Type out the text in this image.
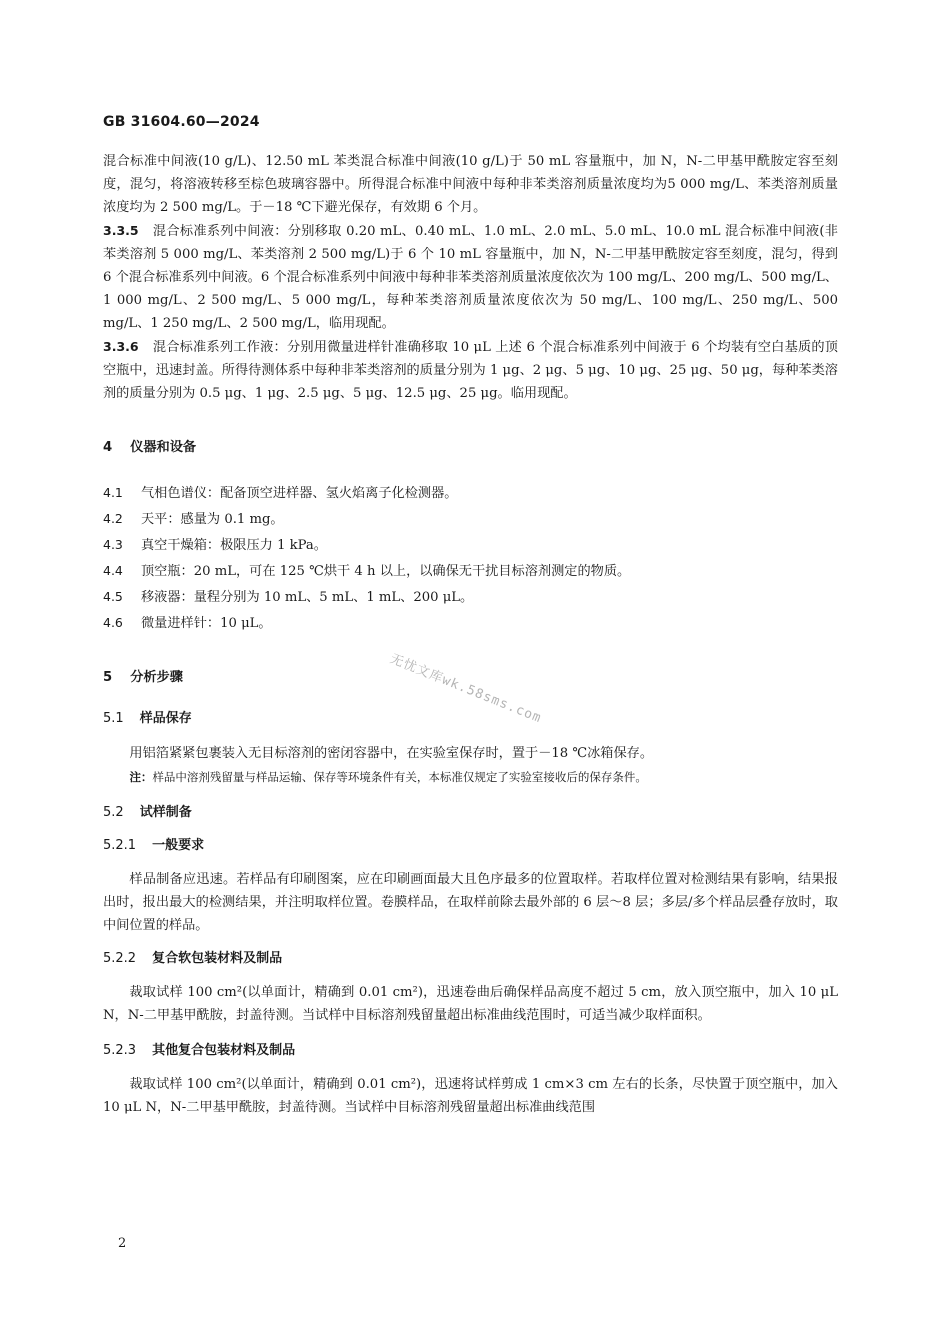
GB 31604.60—2024

混合标准中间液(10 g/L)、12.50 mL 苯类混合标准中间液(10 g/L)于 50 mL 容量瓶中，加 N，N-二甲基甲酰胺定容至刻度，混匀，将溶液转移至棕色玻璃容器中。所得混合标准中间液中每种非苯类溶剂质量浓度均为5 000 mg/L、苯类溶剂质量浓度均为 2 500 mg/L。于－18 ℃下避光保存，有效期 6 个月。

3.3.5 混合标准系列中间液：分别移取 0.20 mL、0.40 mL、1.0 mL、2.0 mL、5.0 mL、10.0 mL 混合标准中间液(非苯类溶剂 5 000 mg/L、苯类溶剂 2 500 mg/L)于 6 个 10 mL 容量瓶中，加 N，N-二甲基甲酰胺定容至刻度，混匀，得到 6 个混合标准系列中间液。6 个混合标准系列中间液中每种非苯类溶剂质量浓度依次为 100 mg/L、200 mg/L、500 mg/L、1 000 mg/L、2 500 mg/L、5 000 mg/L，每种苯类溶剂质量浓度依次为 50 mg/L、100 mg/L、250 mg/L、500 mg/L、1 250 mg/L、2 500 mg/L，临用现配。

3.3.6 混合标准系列工作液：分别用微量进样针准确移取 10 μL 上述 6 个混合标准系列中间液于 6 个均装有空白基质的顶空瓶中，迅速封盖。所得待测体系中每种非苯类溶剂的质量分别为 1 μg、2 μg、5 μg、10 μg、25 μg、50 μg，每种苯类溶剂的质量分别为 0.5 μg、1 μg、2.5 μg、5 μg、12.5 μg、25 μg。临用现配。

4 仪器和设备

4.1 气相色谱仪：配备顶空进样器、氢火焰离子化检测器。

4.2 天平：感量为 0.1 mg。

4.3 真空干燥箱：极限压力 1 kPa。

4.4 顶空瓶：20 mL，可在 125 ℃烘干 4 h 以上，以确保无干扰目标溶剂测定的物质。

4.5 移液器：量程分别为 10 mL、5 mL、1 mL、200 μL。

4.6 微量进样针：10 μL。

5 分析步骤

5.1 样品保存

用铝箔紧紧包裹装入无目标溶剂的密闭容器中，在实验室保存时，置于－18 ℃冰箱保存。

注：样品中溶剂残留量与样品运输、保存等环境条件有关，本标准仅规定了实验室接收后的保存条件。

5.2 试样制备

5.2.1 一般要求

样品制备应迅速。若样品有印刷图案，应在印刷画面最大且色序最多的位置取样。若取样位置对检测结果有影响，结果报出时，报出最大的检测结果，并注明取样位置。卷膜样品，在取样前除去最外部的 6 层～8 层；多层/多个样品层叠存放时，取中间位置的样品。

5.2.2 复合软包装材料及制品

裁取试样 100 cm²(以单面计，精确到 0.01 cm²)，迅速卷曲后确保样品高度不超过 5 cm，放入顶空瓶中，加入 10 μL N，N-二甲基甲酰胺，封盖待测。当试样中目标溶剂残留量超出标准曲线范围时，可适当减少取样面积。

5.2.3 其他复合包装材料及制品

裁取试样 100 cm²(以单面计，精确到 0.01 cm²)，迅速将试样剪成 1 cm×3 cm 左右的长条，尽快置于顶空瓶中，加入 10 μL N，N-二甲基甲酰胺，封盖待测。当试样中目标溶剂残留量超出标准曲线范围

无忧文库wk.58sms.com
2
